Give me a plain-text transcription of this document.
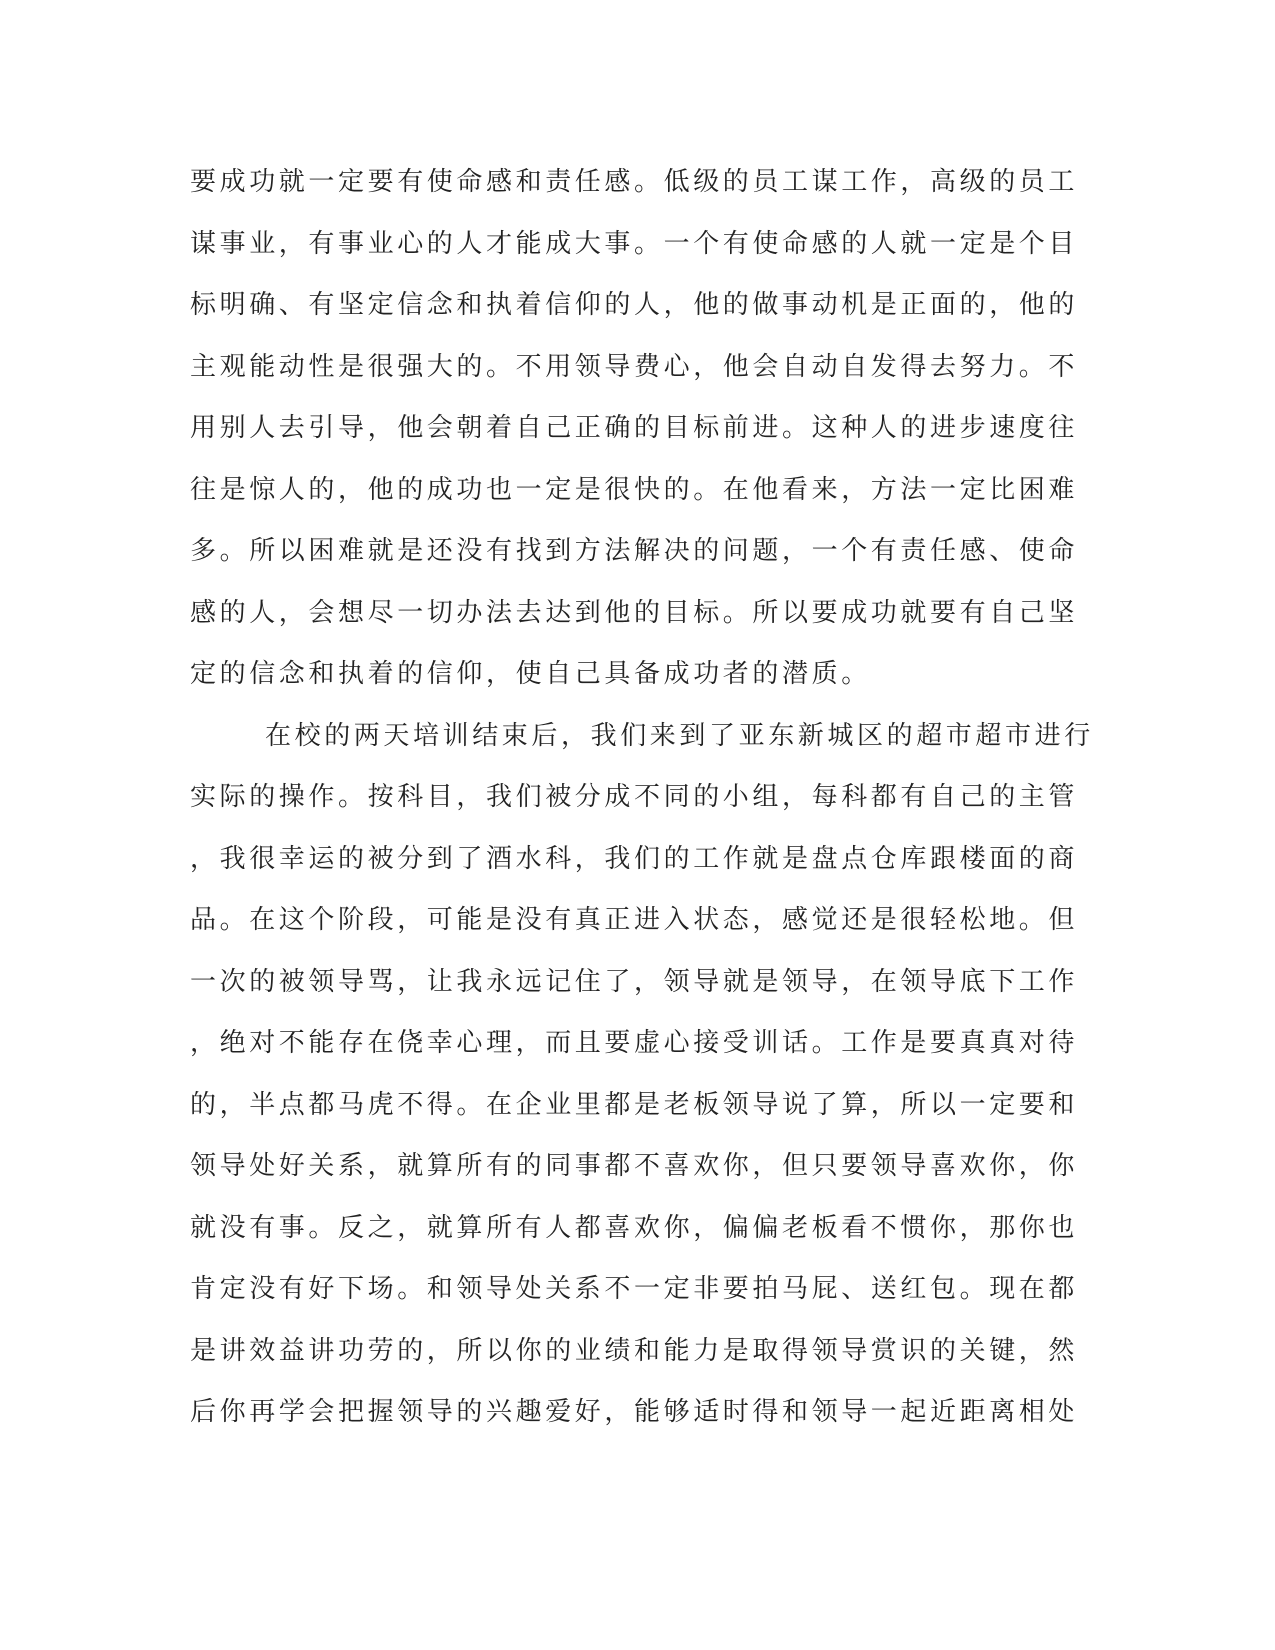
要成功就一定要有使命感和责任感。低级的员工谋工作，高级的员工
谋事业，有事业心的人才能成大事。一个有使命感的人就一定是个目
标明确、有坚定信念和执着信仰的人，他的做事动机是正面的，他的
主观能动性是很强大的。不用领导费心，他会自动自发得去努力。不
用别人去引导，他会朝着自己正确的目标前进。这种人的进步速度往
往是惊人的，他的成功也一定是很快的。在他看来，方法一定比困难
多。所以困难就是还没有找到方法解决的问题，一个有责任感、使命
感的人，会想尽一切办法去达到他的目标。所以要成功就要有自己坚
定的信念和执着的信仰，使自己具备成功者的潜质。
在校的两天培训结束后，我们来到了亚东新城区的超市超市进行
实际的操作。按科目，我们被分成不同的小组，每科都有自己的主管
，我很幸运的被分到了酒水科，我们的工作就是盘点仓库跟楼面的商
品。在这个阶段，可能是没有真正进入状态，感觉还是很轻松地。但
一次的被领导骂，让我永远记住了，领导就是领导，在领导底下工作
，绝对不能存在侥幸心理，而且要虚心接受训话。工作是要真真对待
的，半点都马虎不得。在企业里都是老板领导说了算，所以一定要和
领导处好关系，就算所有的同事都不喜欢你，但只要领导喜欢你，你
就没有事。反之，就算所有人都喜欢你，偏偏老板看不惯你，那你也
肯定没有好下场。和领导处关系不一定非要拍马屁、送红包。现在都
是讲效益讲功劳的，所以你的业绩和能力是取得领导赏识的关键，然
后你再学会把握领导的兴趣爱好，能够适时得和领导一起近距离相处
